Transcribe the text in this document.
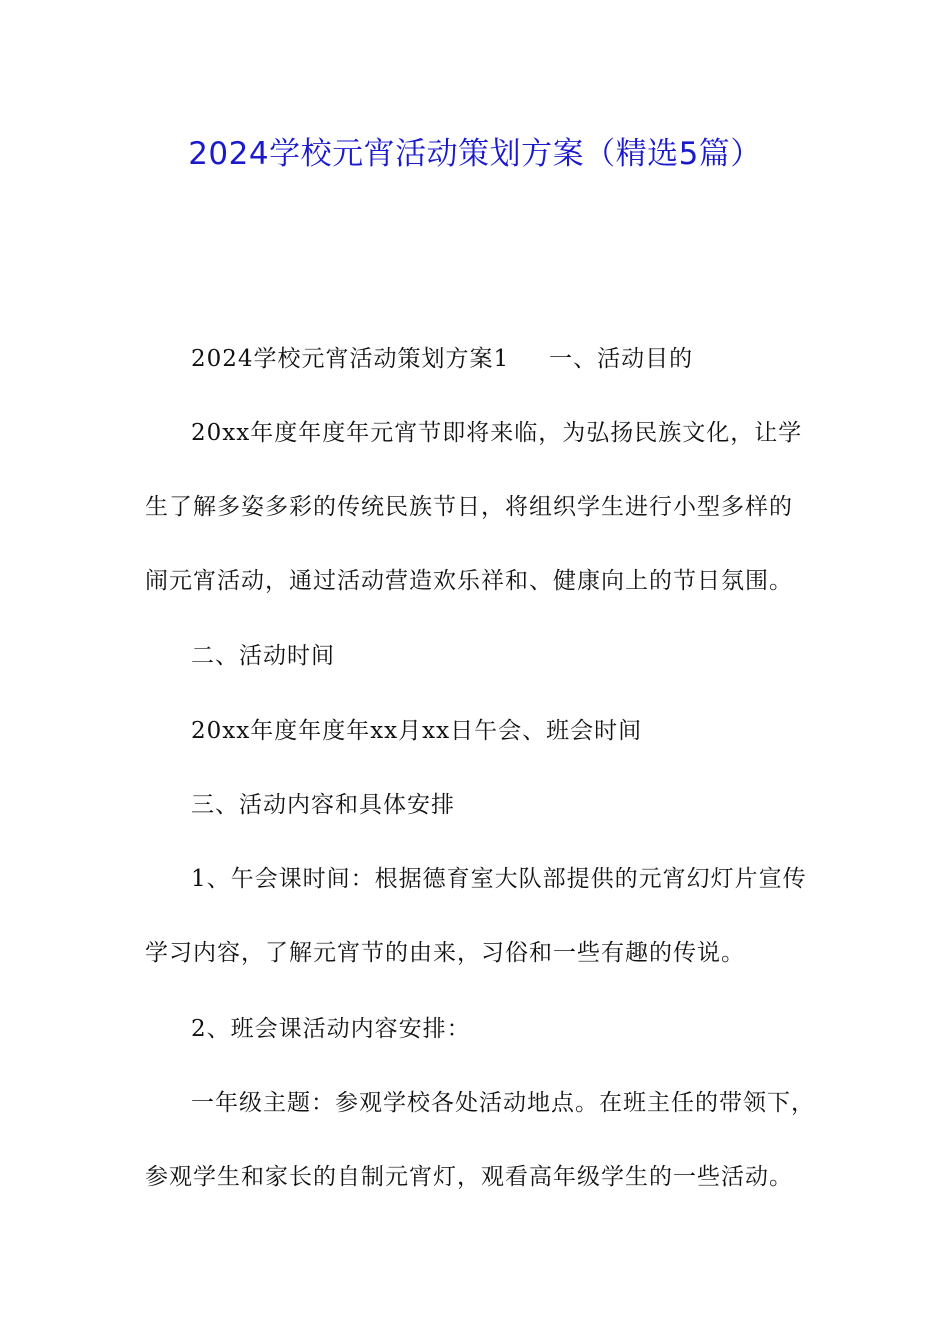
2024学校元宵活动策划方案（精选5篇）
2024学校元宵活动策划方案1 一、活动目的
20xx年度年度年元宵节即将来临，为弘扬民族文化，让学
生了解多姿多彩的传统民族节日，将组织学生进行小型多样的
闹元宵活动，通过活动营造欢乐祥和、健康向上的节日氛围。
二、活动时间
20xx年度年度年xx月xx日午会、班会时间
三、活动内容和具体安排
1、午会课时间：根据德育室大队部提供的元宵幻灯片宣传
学习内容，了解元宵节的由来，习俗和一些有趣的传说。
2、班会课活动内容安排：
一年级主题：参观学校各处活动地点。在班主任的带领下，
参观学生和家长的自制元宵灯，观看高年级学生的一些活动。
